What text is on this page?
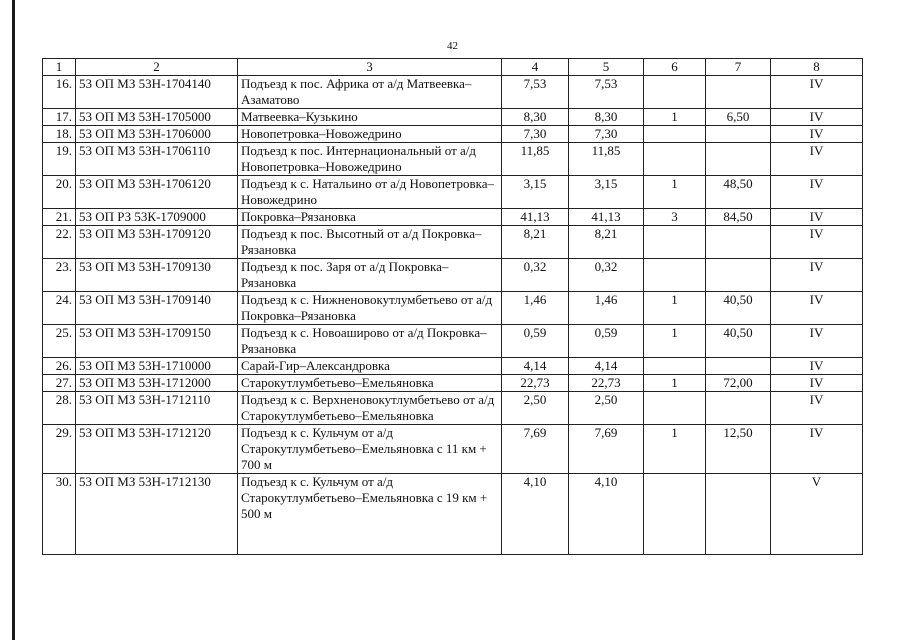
42
1	2	3	4	5	6	7	8
16.	53 ОП МЗ 53Н-1704140	Подъезд к пос. Африка от а/д Матвеевка–Азаматово	7,53	7,53			IV
17.	53 ОП МЗ 53Н-1705000	Матвеевка–Кузькино	8,30	8,30	1	6,50	IV
18.	53 ОП МЗ 53Н-1706000	Новопетровка–Новожедрино	7,30	7,30			IV
19.	53 ОП МЗ 53Н-1706110	Подъезд к пос. Интернациональный от а/д Новопетровка–Новожедрино	11,85	11,85			IV
20.	53 ОП МЗ 53Н-1706120	Подъезд к с. Натальино от а/д Новопетровка–Новожедрино	3,15	3,15	1	48,50	IV
21.	53 ОП РЗ 53К-1709000	Покровка–Рязановка	41,13	41,13	3	84,50	IV
22.	53 ОП МЗ 53Н-1709120	Подъезд к пос. Высотный от а/д Покровка–Рязановка	8,21	8,21			IV
23.	53 ОП МЗ 53Н-1709130	Подъезд к пос. Заря от а/д Покровка–Рязановка	0,32	0,32			IV
24.	53 ОП МЗ 53Н-1709140	Подъезд к с. Нижненовокутлумбетьево от а/д Покровка–Рязановка	1,46	1,46	1	40,50	IV
25.	53 ОП МЗ 53Н-1709150	Подъезд к с. Новоаширово от а/д Покровка–Рязановка	0,59	0,59	1	40,50	IV
26.	53 ОП МЗ 53Н-1710000	Сарай-Гир–Александровка	4,14	4,14			IV
27.	53 ОП МЗ 53Н-1712000	Старокутлумбетьево–Емельяновка	22,73	22,73	1	72,00	IV
28.	53 ОП МЗ 53Н-1712110	Подъезд к с. Верхненовокутлумбетьево от а/д Старокутлумбетьево–Емельяновка	2,50	2,50			IV
29.	53 ОП МЗ 53Н-1712120	Подъезд к с. Кульчум от а/д Старокутлумбетьево–Емельяновка с 11 км + 700 м	7,69	7,69	1	12,50	IV
30.	53 ОП МЗ 53Н-1712130	Подъезд к с. Кульчум от а/д Старокутлумбетьево–Емельяновка с 19 км + 500 м	4,10	4,10			V
